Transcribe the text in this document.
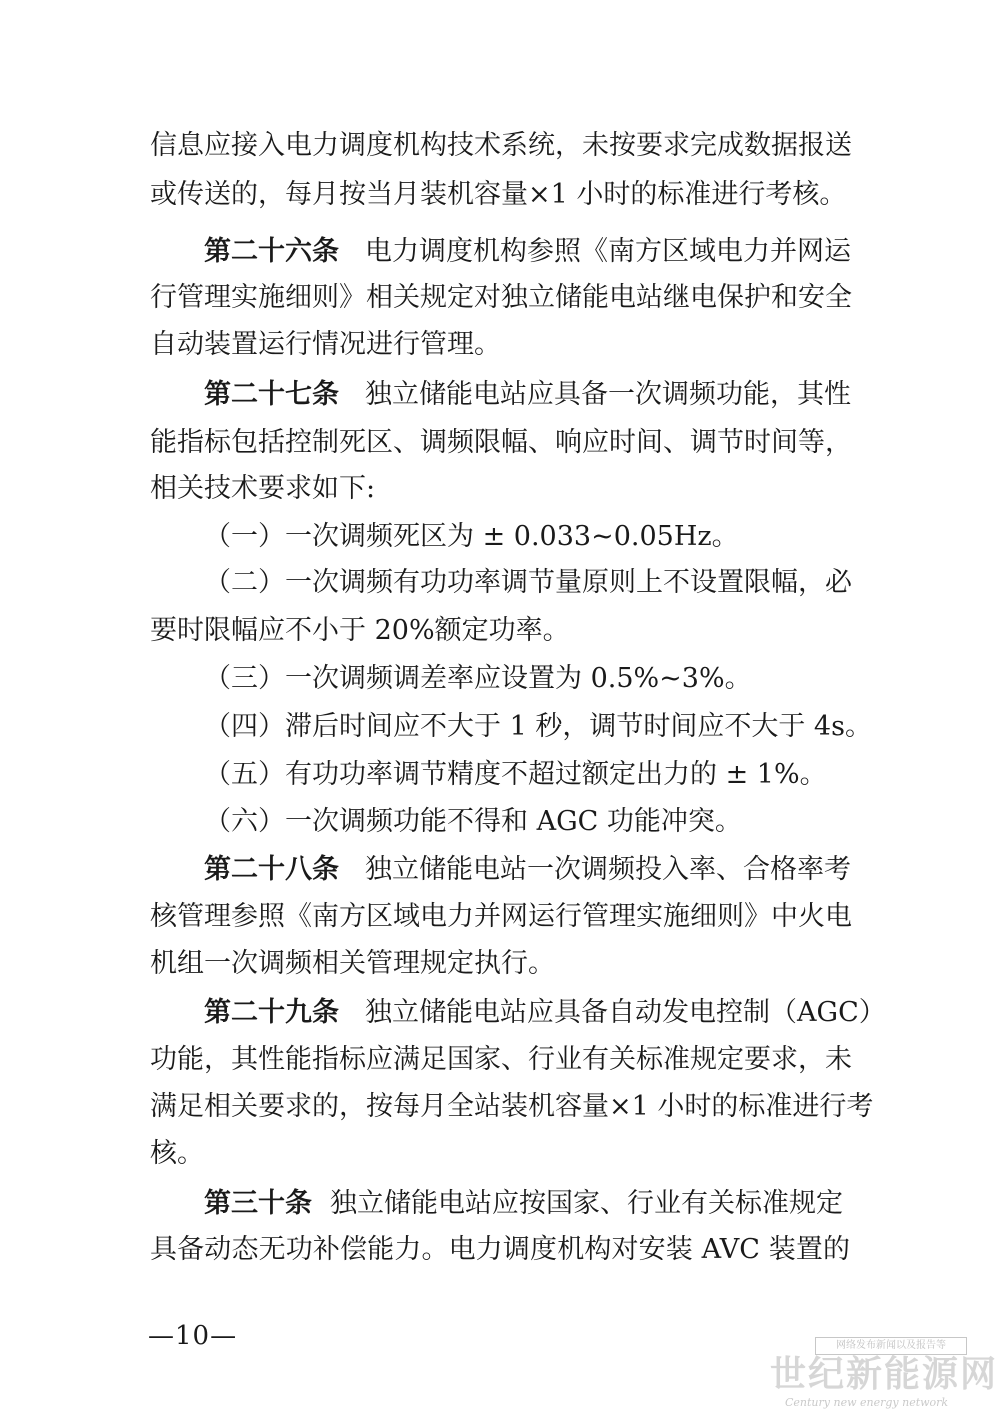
信息应接入电力调度机构技术系统，未按要求完成数据报送
或传送的，每月按当月装机容量×1 小时的标准进行考核。
第二十六条 电力调度机构参照《南方区域电力并网运
行管理实施细则》相关规定对独立储能电站继电保护和安全
自动装置运行情况进行管理。
第二十七条 独立储能电站应具备一次调频功能，其性
能指标包括控制死区、调频限幅、响应时间、调节时间等，
相关技术要求如下:
（一）一次调频死区为 ± 0.033~0.05Hz。
（二）一次调频有功功率调节量原则上不设置限幅，必
要时限幅应不小于 20%额定功率。
（三）一次调频调差率应设置为 0.5%~3%。
（四）滞后时间应不大于 1 秒，调节时间应不大于 4s。
（五）有功功率调节精度不超过额定出力的 ± 1%。
（六）一次调频功能不得和 AGC 功能冲突。
第二十八条 独立储能电站一次调频投入率、合格率考
核管理参照《南方区域电力并网运行管理实施细则》中火电
机组一次调频相关管理规定执行。
第二十九条 独立储能电站应具备自动发电控制（AGC）
功能，其性能指标应满足国家、行业有关标准规定要求，未
满足相关要求的，按每月全站装机容量×1 小时的标准进行考
核。
第三十条 独立储能电站应按国家、行业有关标准规定
具备动态无功补偿能力。电力调度机构对安装 AVC 装置的
—10—	网络发布新闻以及报告等
世纪新能源网
Century new energy network
